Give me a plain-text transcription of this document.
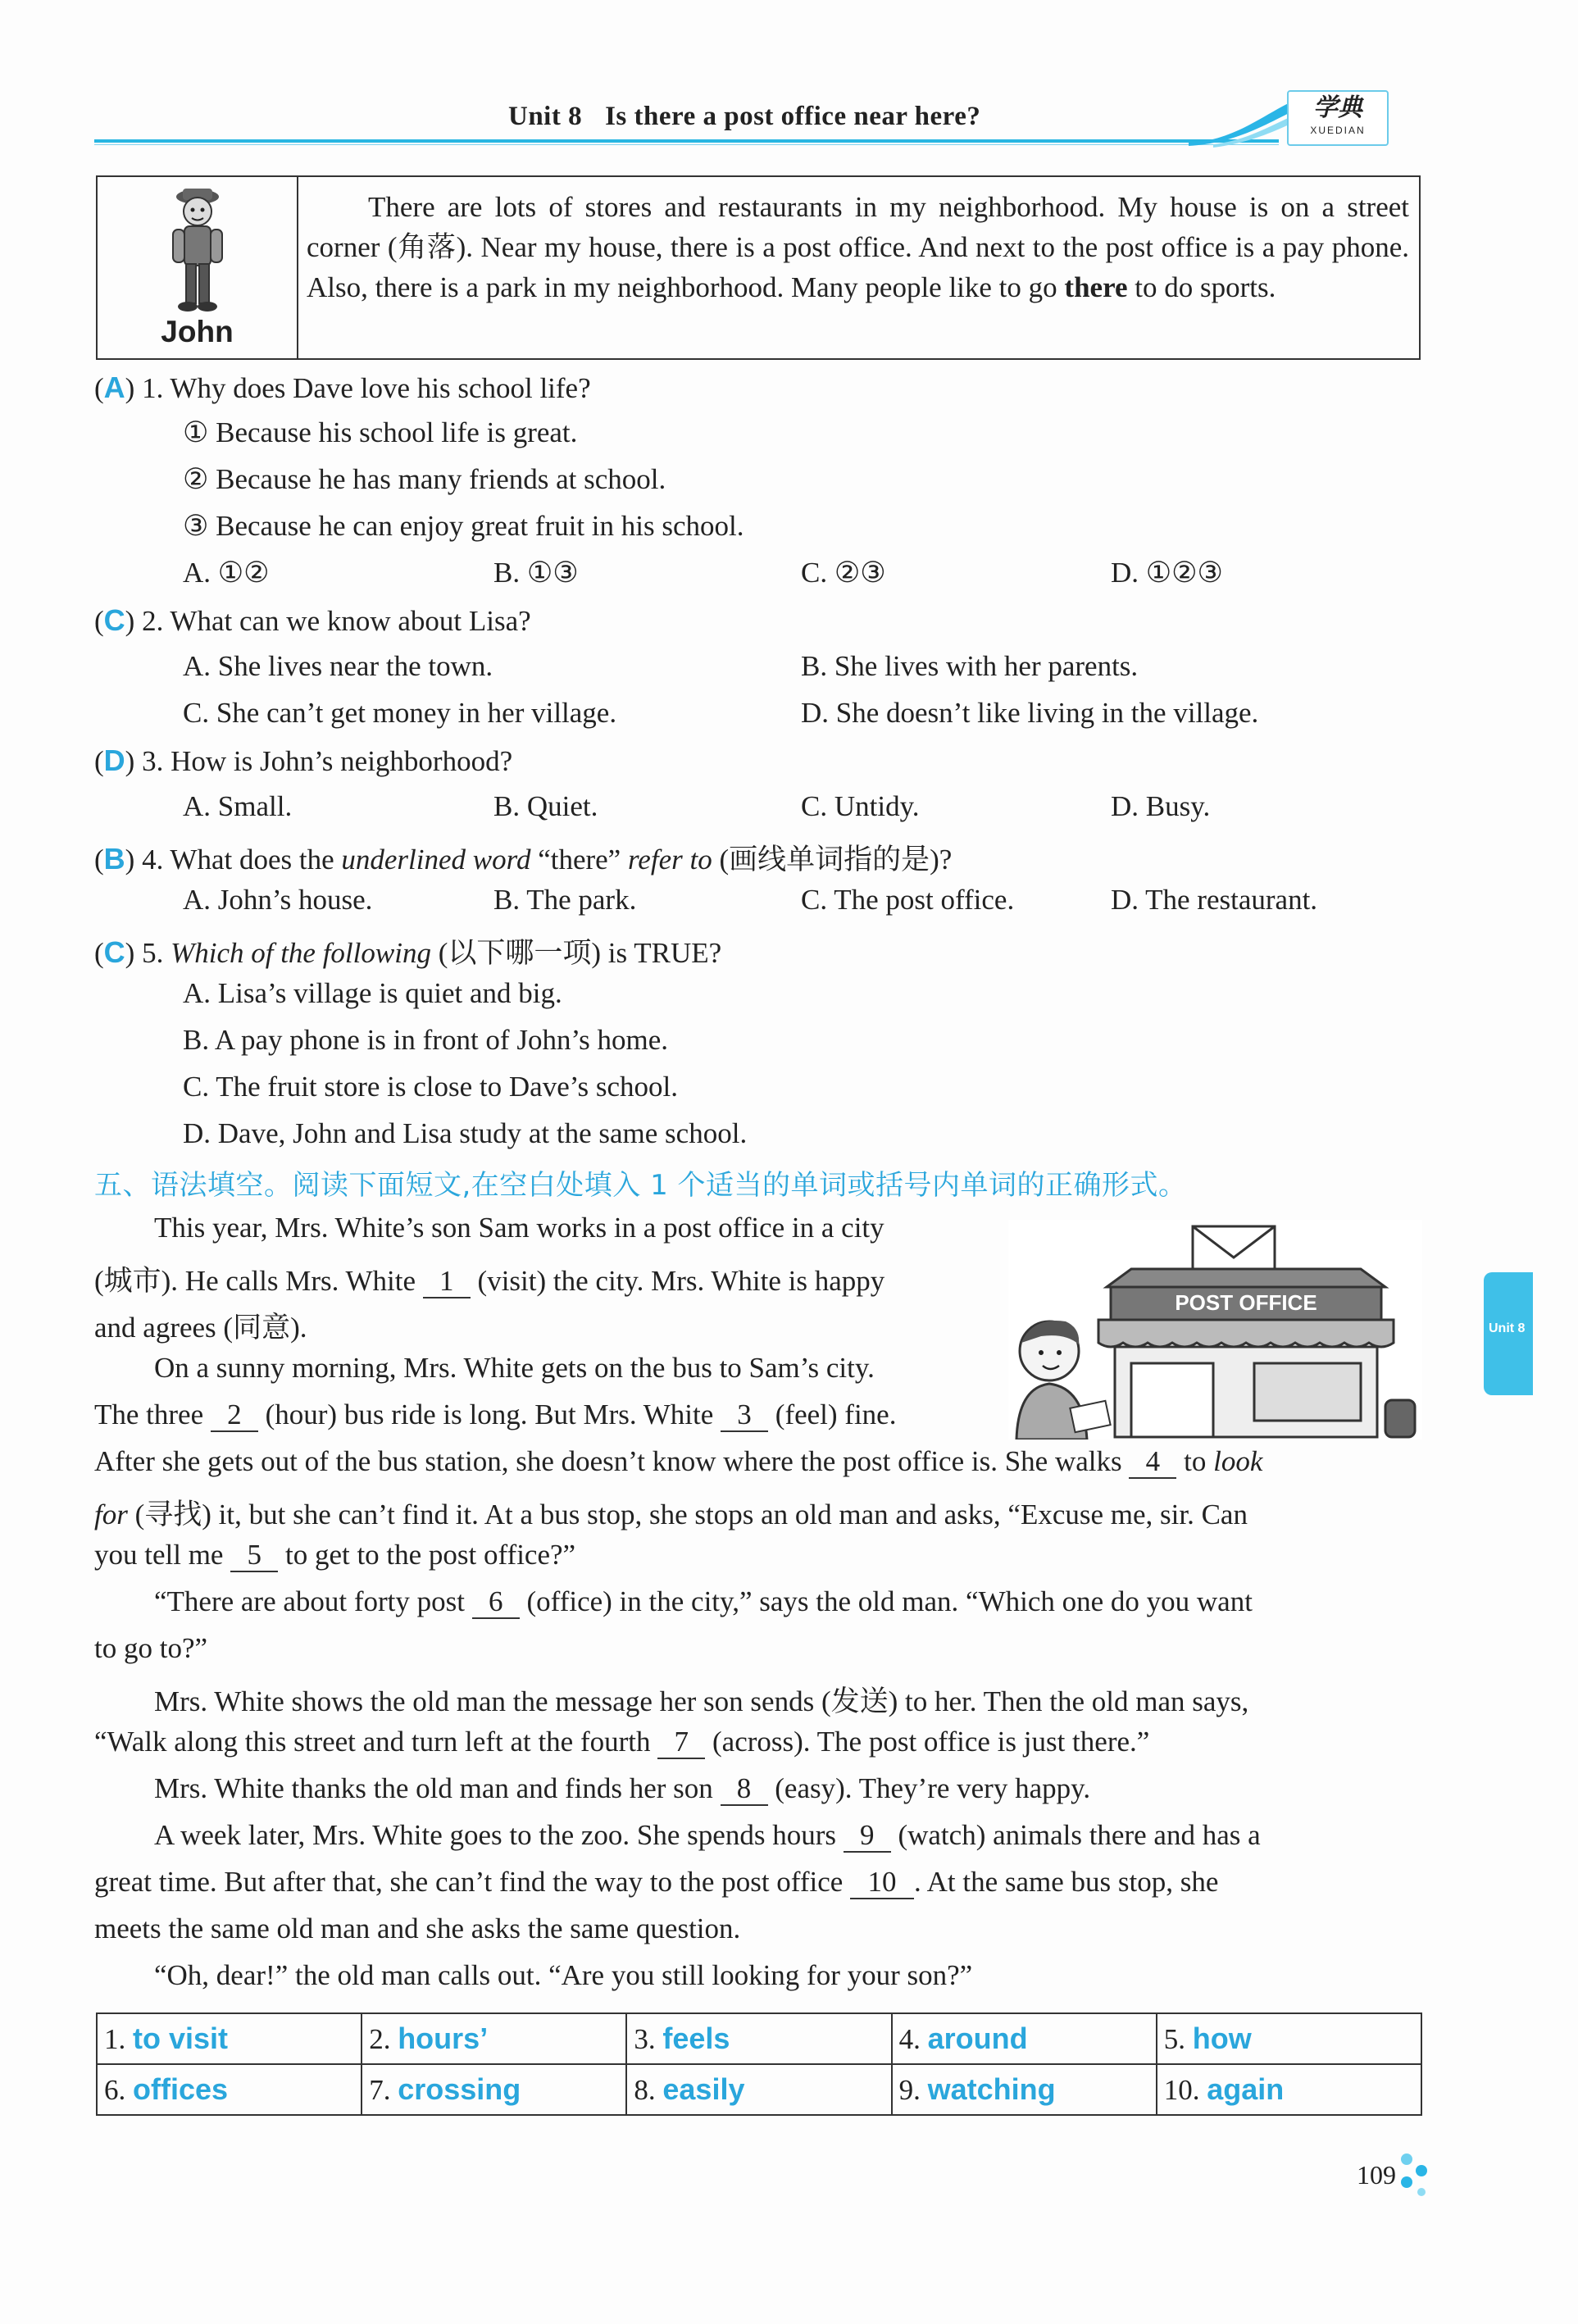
Unit 8 Is there a post office near here?	学典
XUEDIAN
John
There are lots of stores and restaurants in my neighborhood. My house is on a street corner (角落). Near my house, there is a post office. And next to the post office is a pay phone. Also, there is a park in my neighborhood. Many people like to go there to do sports.
(A) 1. Why does Dave love his school life?
① Because his school life is great.
② Because he has many friends at school.
③ Because he can enjoy great fruit in his school.
A. ①②	B. ①③	C. ②③	D. ①②③
(C) 2. What can we know about Lisa?
A. She lives near the town.	B. She lives with her parents.
C. She can’t get money in her village.	D. She doesn’t like living in the village.
(D) 3. How is John’s neighborhood?
A. Small.	B. Quiet.	C. Untidy.	D. Busy.
(B) 4. What does the underlined word “there” refer to (画线单词指的是)?
A. John’s house.	B. The park.	C. The post office.	D. The restaurant.
(C) 5. Which of the following (以下哪一项) is TRUE?
A. Lisa’s village is quiet and big.
B. A pay phone is in front of John’s home.
C. The fruit store is close to Dave’s school.
D. Dave, John and Lisa study at the same school.
五、语法填空。阅读下面短文,在空白处填入 1 个适当的单词或括号内单词的正确形式。
This year, Mrs. White’s son Sam works in a post office in a city
(城市). He calls Mrs. White 1 (visit) the city. Mrs. White is happy
and agrees (同意).
On a sunny morning, Mrs. White gets on the bus to Sam’s city.
The three 2 (hour) bus ride is long. But Mrs. White 3 (feel) fine.
After she gets out of the bus station, she doesn’t know where the post office is. She walks 4 to look
for (寻找) it, but she can’t find it. At a bus stop, she stops an old man and asks, “Excuse me, sir. Can
you tell me 5 to get to the post office?”
“There are about forty post 6 (office) in the city,” says the old man. “Which one do you want
to go to?”
Mrs. White shows the old man the message her son sends (发送) to her. Then the old man says,
“Walk along this street and turn left at the fourth 7 (across). The post office is just there.”
Mrs. White thanks the old man and finds her son 8 (easy). They’re very happy.
A week later, Mrs. White goes to the zoo. She spends hours 9 (watch) animals there and has a
great time. But after that, she can’t find the way to the post office 10 . At the same bus stop, she
meets the same old man and she asks the same question.
“Oh, dear!” the old man calls out. “Are you still looking for your son?”
POST OFFICE
Unit 8
1. to visit	2. hours’	3. feels	4. around	5. how
6. offices	7. crossing	8. easily	9. watching	10. again
109
